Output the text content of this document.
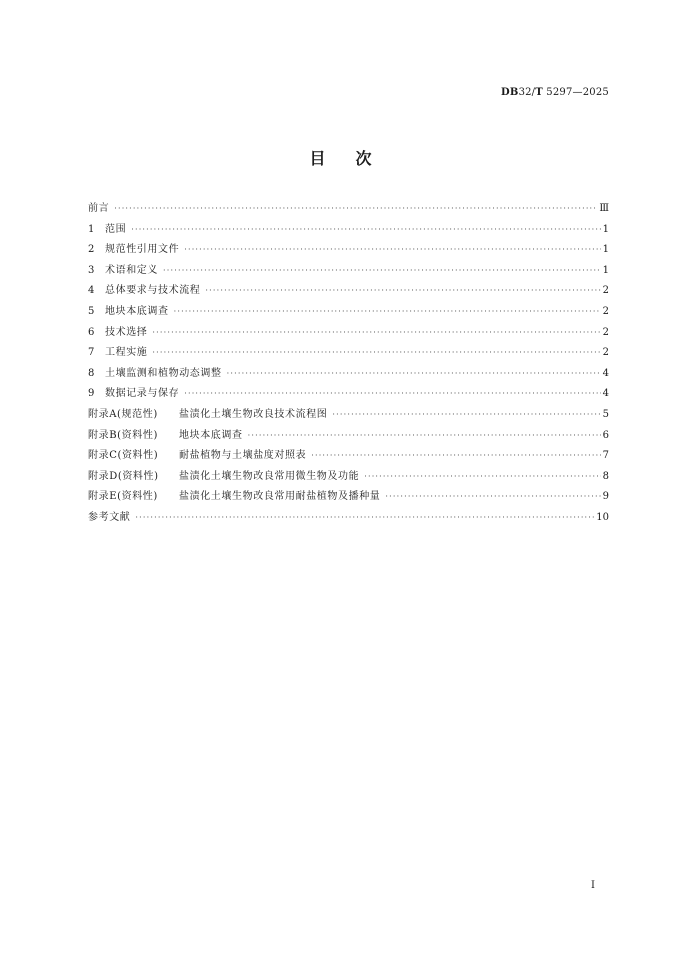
DB32/T 5297—2025
目次
前言 ·····	Ⅲ
1	范围 ·····	1
2	规范性引用文件 ·····	1
3	术语和定义 ·····	1
4	总体要求与技术流程 ·····	2
5	地块本底调查 ·····	2
6	技术选择 ·····	2
7	工程实施 ·····	2
8	土壤监测和植物动态调整 ·····	4
9	数据记录与保存 ·····	4
附录A(规范性) 盐渍化土壤生物改良技术流程图 ·····	5
附录B(资料性) 地块本底调查 ·····	6
附录C(资料性) 耐盐植物与土壤盐度对照表 ·····	7
附录D(资料性) 盐渍化土壤生物改良常用微生物及功能 ·····	8
附录E(资料性) 盐渍化土壤生物改良常用耐盐植物及播种量 ·····	9
参考文献 ·····	10
I
